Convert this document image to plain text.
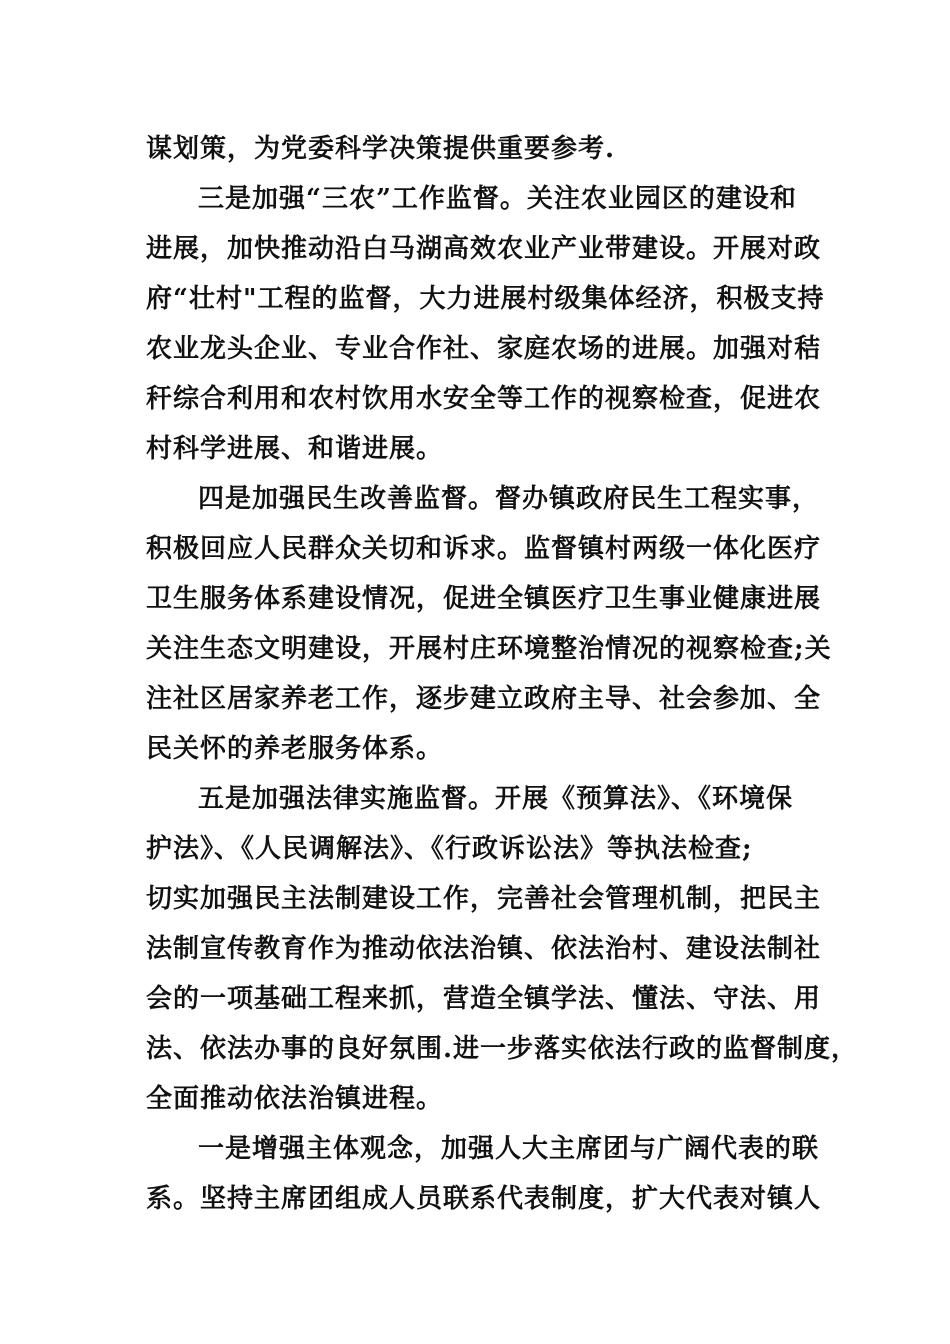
谋划策，为党委科学决策提供重要参考.
三是加强“三农”工作监督。关注农业园区的建设和
进展，加快推动沿白马湖高效农业产业带建设。开展对政
府“壮村"工程的监督，大力进展村级集体经济，积极支持
农业龙头企业、专业合作社、家庭农场的进展。加强对秸
秆综合利用和农村饮用水安全等工作的视察检查，促进农
村科学进展、和谐进展。
四是加强民生改善监督。督办镇政府民生工程实事，
积极回应人民群众关切和诉求。监督镇村两级一体化医疗
卫生服务体系建设情况，促进全镇医疗卫生事业健康进展
关注生态文明建设，开展村庄环境整治情况的视察检查;关
注社区居家养老工作，逐步建立政府主导、社会参加、全
民关怀的养老服务体系。
五是加强法律实施监督。开展《预算法》、《环境保
护法》、《人民调解法》、《行政诉讼法》等执法检查;
切实加强民主法制建设工作，完善社会管理机制，把民主
法制宣传教育作为推动依法治镇、依法治村、建设法制社
会的一项基础工程来抓，营造全镇学法、懂法、守法、用
法、依法办事的良好氛围.进一步落实依法行政的监督制度，
全面推动依法治镇进程。
一是增强主体观念，加强人大主席团与广阔代表的联
系。坚持主席团组成人员联系代表制度，扩大代表对镇人
